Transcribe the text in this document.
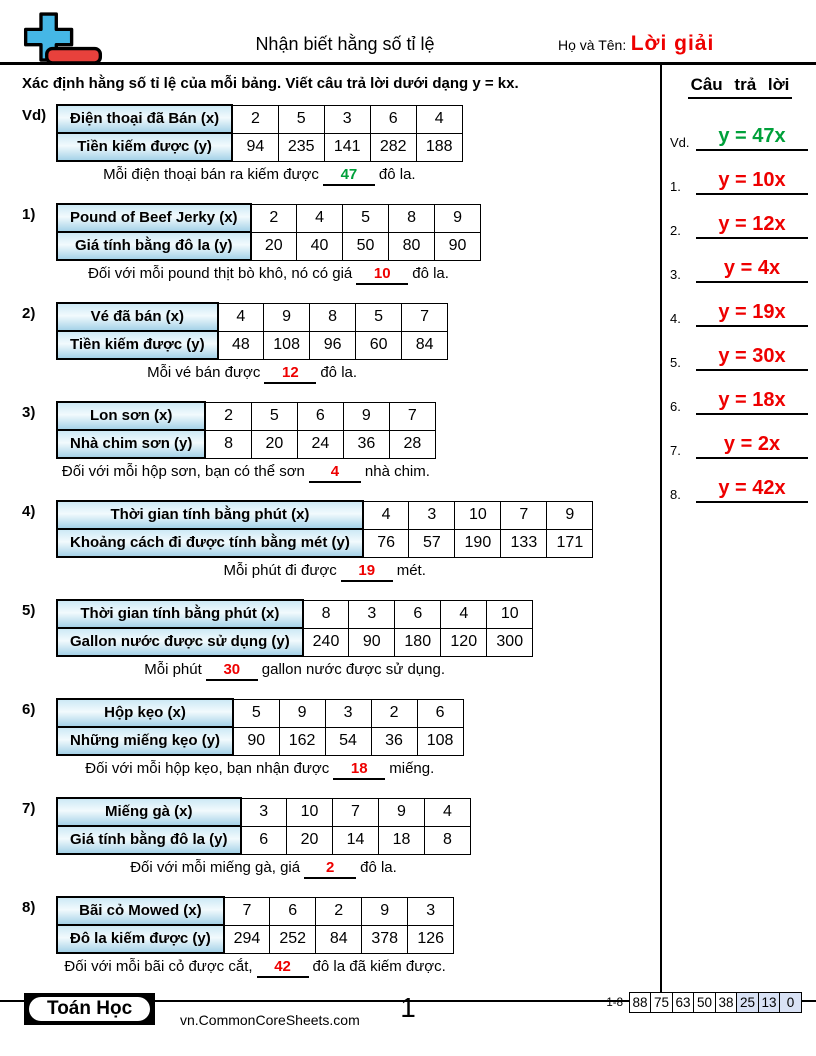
Nhận biết hằng số tỉ lệ	Họ và Tên: Lời giải
Xác định hằng số tỉ lệ của mỗi bảng. Viết câu trả lời dưới dạng y = kx.
Vd)	Điện thoại đã Bán (x)	2	5	3	6	4
Tiền kiếm được (y)	94	235	141	282	188
Mỗi điện thoại bán ra kiếm được 47 đô la.
1)	Pound of Beef Jerky (x)	2	4	5	8	9
Giá tính bằng đô la (y)	20	40	50	80	90
Đối với mỗi pound thịt bò khô, nó có giá 10 đô la.
2)	Vé đã bán (x)	4	9	8	5	7
Tiền kiếm được (y)	48	108	96	60	84
Mỗi vé bán được 12 đô la.
3)	Lon sơn (x)	2	5	6	9	7
Nhà chim sơn (y)	8	20	24	36	28
Đối với mỗi hộp sơn, bạn có thể sơn 4 nhà chim.
4)	Thời gian tính bằng phút (x)	4	3	10	7	9
Khoảng cách đi được tính bằng mét (y)	76	57	190	133	171
Mỗi phút đi được 19 mét.
5)	Thời gian tính bằng phút (x)	8	3	6	4	10
Gallon nước được sử dụng (y)	240	90	180	120	300
Mỗi phút 30 gallon nước được sử dụng.
6)	Hộp kẹo (x)	5	9	3	2	6
Những miếng kẹo (y)	90	162	54	36	108
Đối với mỗi hộp kẹo, bạn nhận được 18 miếng.
7)	Miếng gà (x)	3	10	7	9	4
Giá tính bằng đô la (y)	6	20	14	18	8
Đối với mỗi miếng gà, giá 2 đô la.
8)	Bãi cỏ Mowed (x)	7	6	2	9	3
Đô la kiếm được (y)	294	252	84	378	126
Đối với mỗi bãi cỏ được cắt, 42 đô la đã kiếm được.
Câu trả lời
Vd.	y = 47x
1.	y = 10x
2.	y = 12x
3.	y = 4x
4.	y = 19x
5.	y = 30x
6.	y = 18x
7.	y = 2x
8.	y = 42x
Toán Học
vn.CommonCoreSheets.com	1	1-8 88 75 63 50 38 25 13 0
